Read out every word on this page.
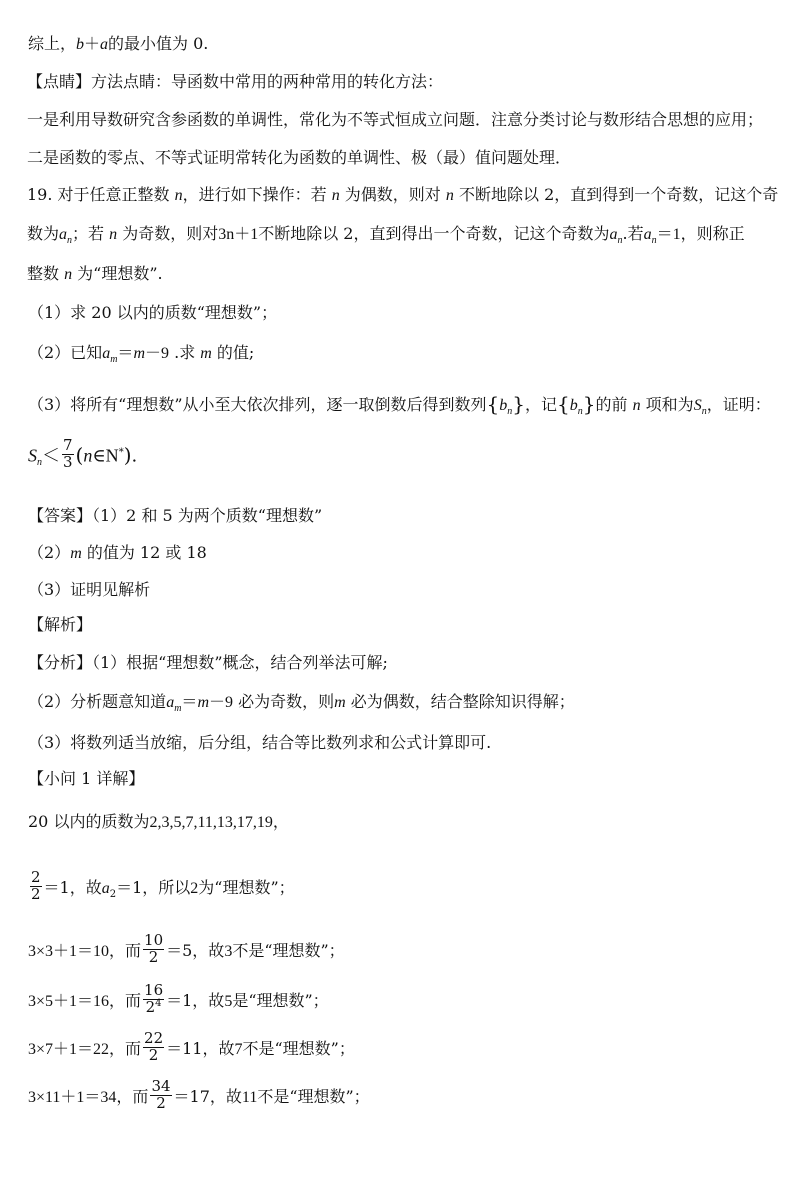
综上，b＋a的最小值为 0.
【点睛】方法点睛：导函数中常用的两种常用的转化方法：
一是利用导数研究含参函数的单调性，常化为不等式恒成立问题．注意分类讨论与数形结合思想的应用；
二是函数的零点、不等式证明常转化为函数的单调性、极（最）值问题处理．
19. 对于任意正整数 n，进行如下操作：若 n 为偶数，则对 n 不断地除以 2，直到得到一个奇数，记这个奇
数为$a_n$；若 n 为奇数，则对3n＋1不断地除以 2，直到得出一个奇数，记这个奇数为$a_n$.若$a_n=1$，则称正
整数 n 为“理想数”.
（1）求 20 以内的质数“理想数”；
（2）已知$a_m=m-9$ .求 m 的值;
（3）将所有“理想数”从小至大依次排列，逐一取倒数后得到数列$\{b_n\}$，记$\{b_n\}$的前 n 项和为$S_n$，证明：
$S_n< \frac{7}{3}$ (n∈N*).
【答案】（1）2 和 5 为两个质数“理想数”
（2）m 的值为 12 或 18
（3）证明见解析
【解析】
【分析】（1）根据“理想数”概念，结合列举法可解;
（2）分析题意知道$a_m=m-9$ 必为奇数，则m 必为偶数，结合整除知识得解；
（3）将数列适当放缩，后分组，结合等比数列求和公式计算即可.
【小问 1 详解】
20 以内的质数为2,3,5,7,11,13,17,19，
$\frac{2}{2} =1$，故$a_2=1$，所以2为“理想数”；
3×3＋1＝10，而 $\frac{10}{2} =5$，故3不是“理想数”；
3×5＋1＝16，而 $\frac{16}{2^4} =1$，故5是“理想数”；
3×7＋1＝22，而 $\frac{22}{2} =11$，故7不是“理想数”；
3×11＋1＝34，而 $\frac{34}{2} =17$，故11不是“理想数”；
